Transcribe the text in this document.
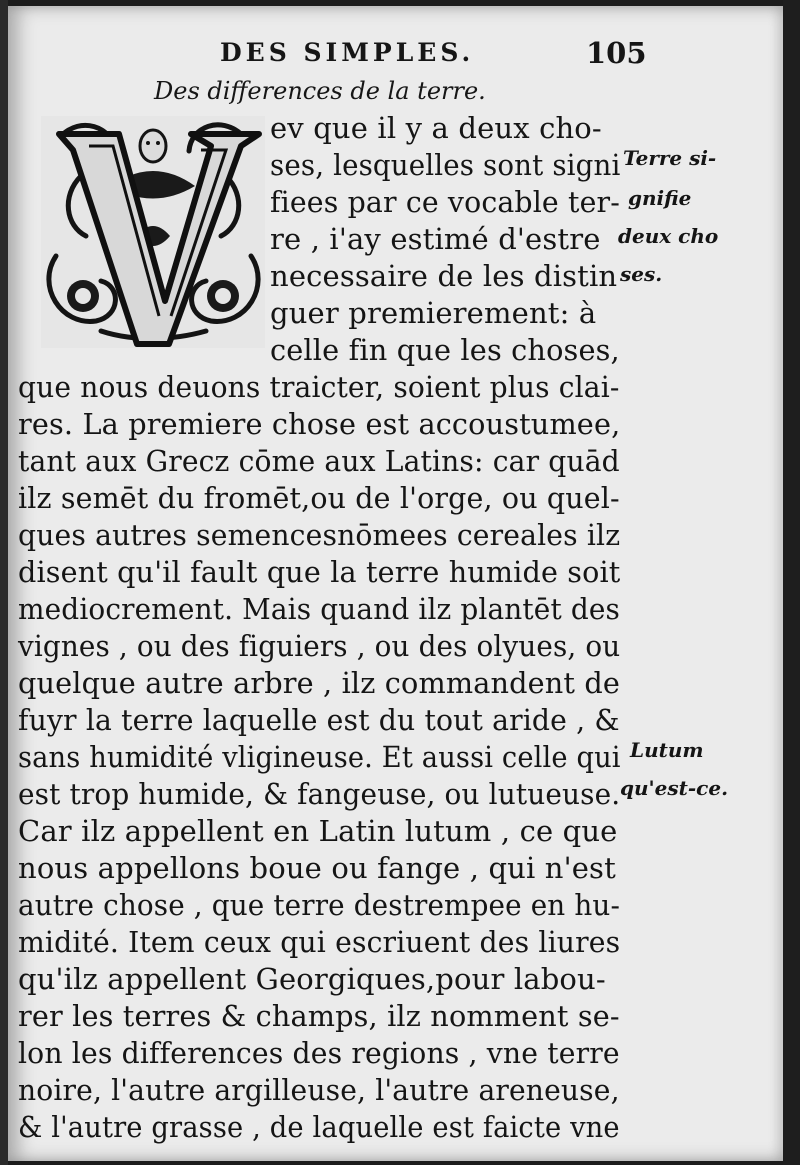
DES SIMPLES.	105
Des differences de la terre.
ev que il y a deux cho-
ses, lesquelles sont signi
fiees par ce vocable ter-
re , i'ay estimé d'estre
necessaire de les distin
guer premierement: à
celle fin que les choses,
que nous deuons traicter, soient plus clai-
res. La premiere chose est accoustumee,
tant aux Grecz cōme aux Latins: car quād
ilz semēt du fromēt,ou de l'orge, ou quel-
ques autres semencesnōmees cereales ilz
disent qu'il fault que la terre humide soit
mediocrement. Mais quand ilz plantēt des
vignes , ou des figuiers , ou des olyues, ou
quelque autre arbre , ilz commandent de
fuyr la terre laquelle est du tout aride , &
sans humidité vligineuse. Et aussi celle qui
est trop humide, & fangeuse, ou lutueuse.
Car ilz appellent en Latin lutum , ce que
nous appellons boue ou fange , qui n'est
autre chose , que terre destrempee en hu-
midité. Item ceux qui escriuent des liures
qu'ilz appellent Georgiques,pour labou-
rer les terres & champs, ilz nomment se-
lon les differences des regions , vne terre
noire, l'autre argilleuse, l'autre areneuse,
& l'autre grasse , de laquelle est faicte vne
Terre si-
gnifie
deux cho
ses.
Lutum
qu'est-ce.
